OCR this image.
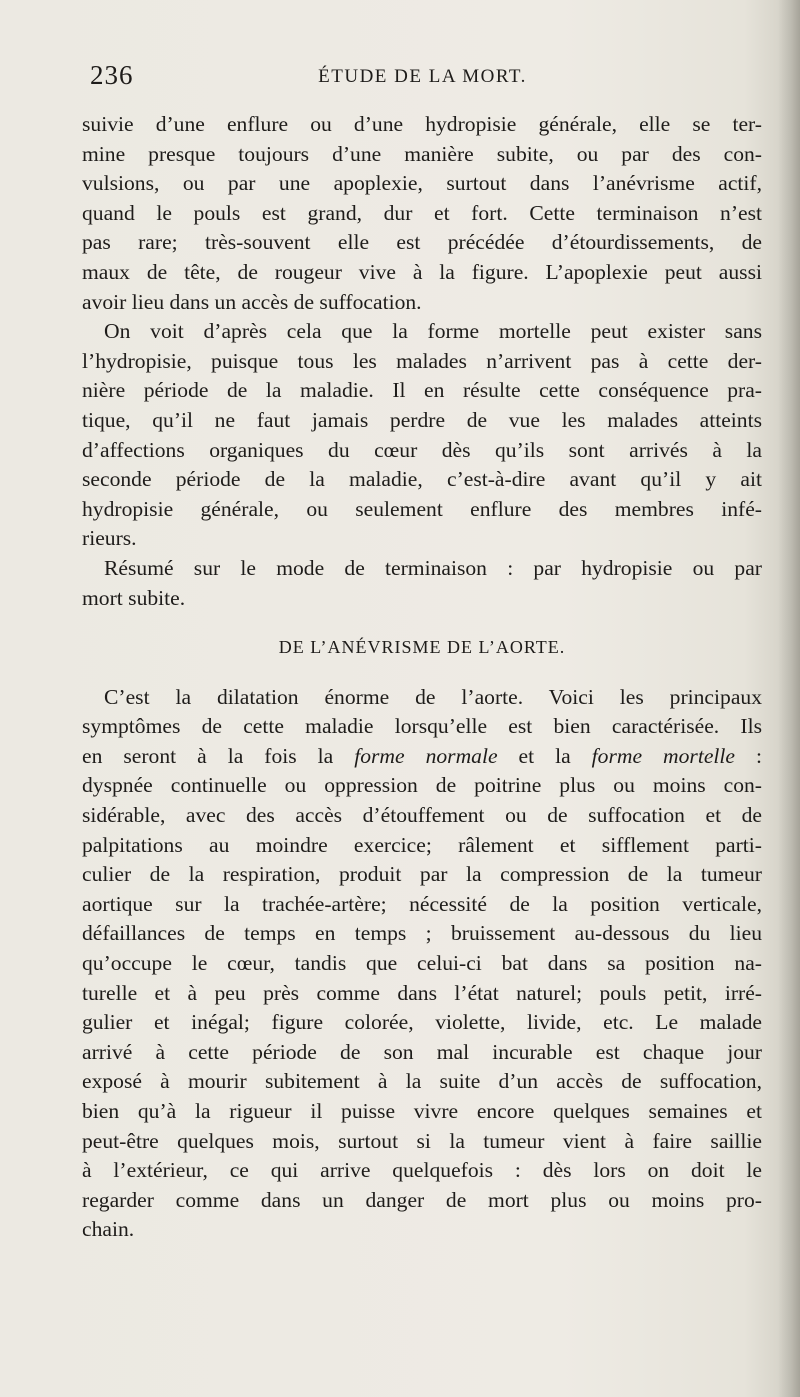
236	ÉTUDE DE LA MORT.
suivie d’une enflure ou d’une hydropisie générale, elle se ter-
mine presque toujours d’une manière subite, ou par des con-
vulsions, ou par une apoplexie, surtout dans l’anévrisme actif,
quand le pouls est grand, dur et fort. Cette terminaison n’est
pas rare; très-souvent elle est précédée d’étourdissements, de
maux de tête, de rougeur vive à la figure. L’apoplexie peut aussi
avoir lieu dans un accès de suffocation.
On voit d’après cela que la forme mortelle peut exister sans
l’hydropisie, puisque tous les malades n’arrivent pas à cette der-
nière période de la maladie. Il en résulte cette conséquence pra-
tique, qu’il ne faut jamais perdre de vue les malades atteints
d’affections organiques du cœur dès qu’ils sont arrivés à la
seconde période de la maladie, c’est-à-dire avant qu’il y ait
hydropisie générale, ou seulement enflure des membres infé-
rieurs.
Résumé sur le mode de terminaison : par hydropisie ou par
mort subite.
DE L’ANÉVRISME DE L’AORTE.
C’est la dilatation énorme de l’aorte. Voici les principaux
symptômes de cette maladie lorsqu’elle est bien caractérisée. Ils
en seront à la fois la forme normale et la forme mortelle :
dyspnée continuelle ou oppression de poitrine plus ou moins con-
sidérable, avec des accès d’étouffement ou de suffocation et de
palpitations au moindre exercice; râlement et sifflement parti-
culier de la respiration, produit par la compression de la tumeur
aortique sur la trachée-artère; nécessité de la position verticale,
défaillances de temps en temps ; bruissement au-dessous du lieu
qu’occupe le cœur, tandis que celui-ci bat dans sa position na-
turelle et à peu près comme dans l’état naturel; pouls petit, irré-
gulier et inégal; figure colorée, violette, livide, etc. Le malade
arrivé à cette période de son mal incurable est chaque jour
exposé à mourir subitement à la suite d’un accès de suffocation,
bien qu’à la rigueur il puisse vivre encore quelques semaines et
peut-être quelques mois, surtout si la tumeur vient à faire saillie
à l’extérieur, ce qui arrive quelquefois : dès lors on doit le
regarder comme dans un danger de mort plus ou moins pro-
chain.
